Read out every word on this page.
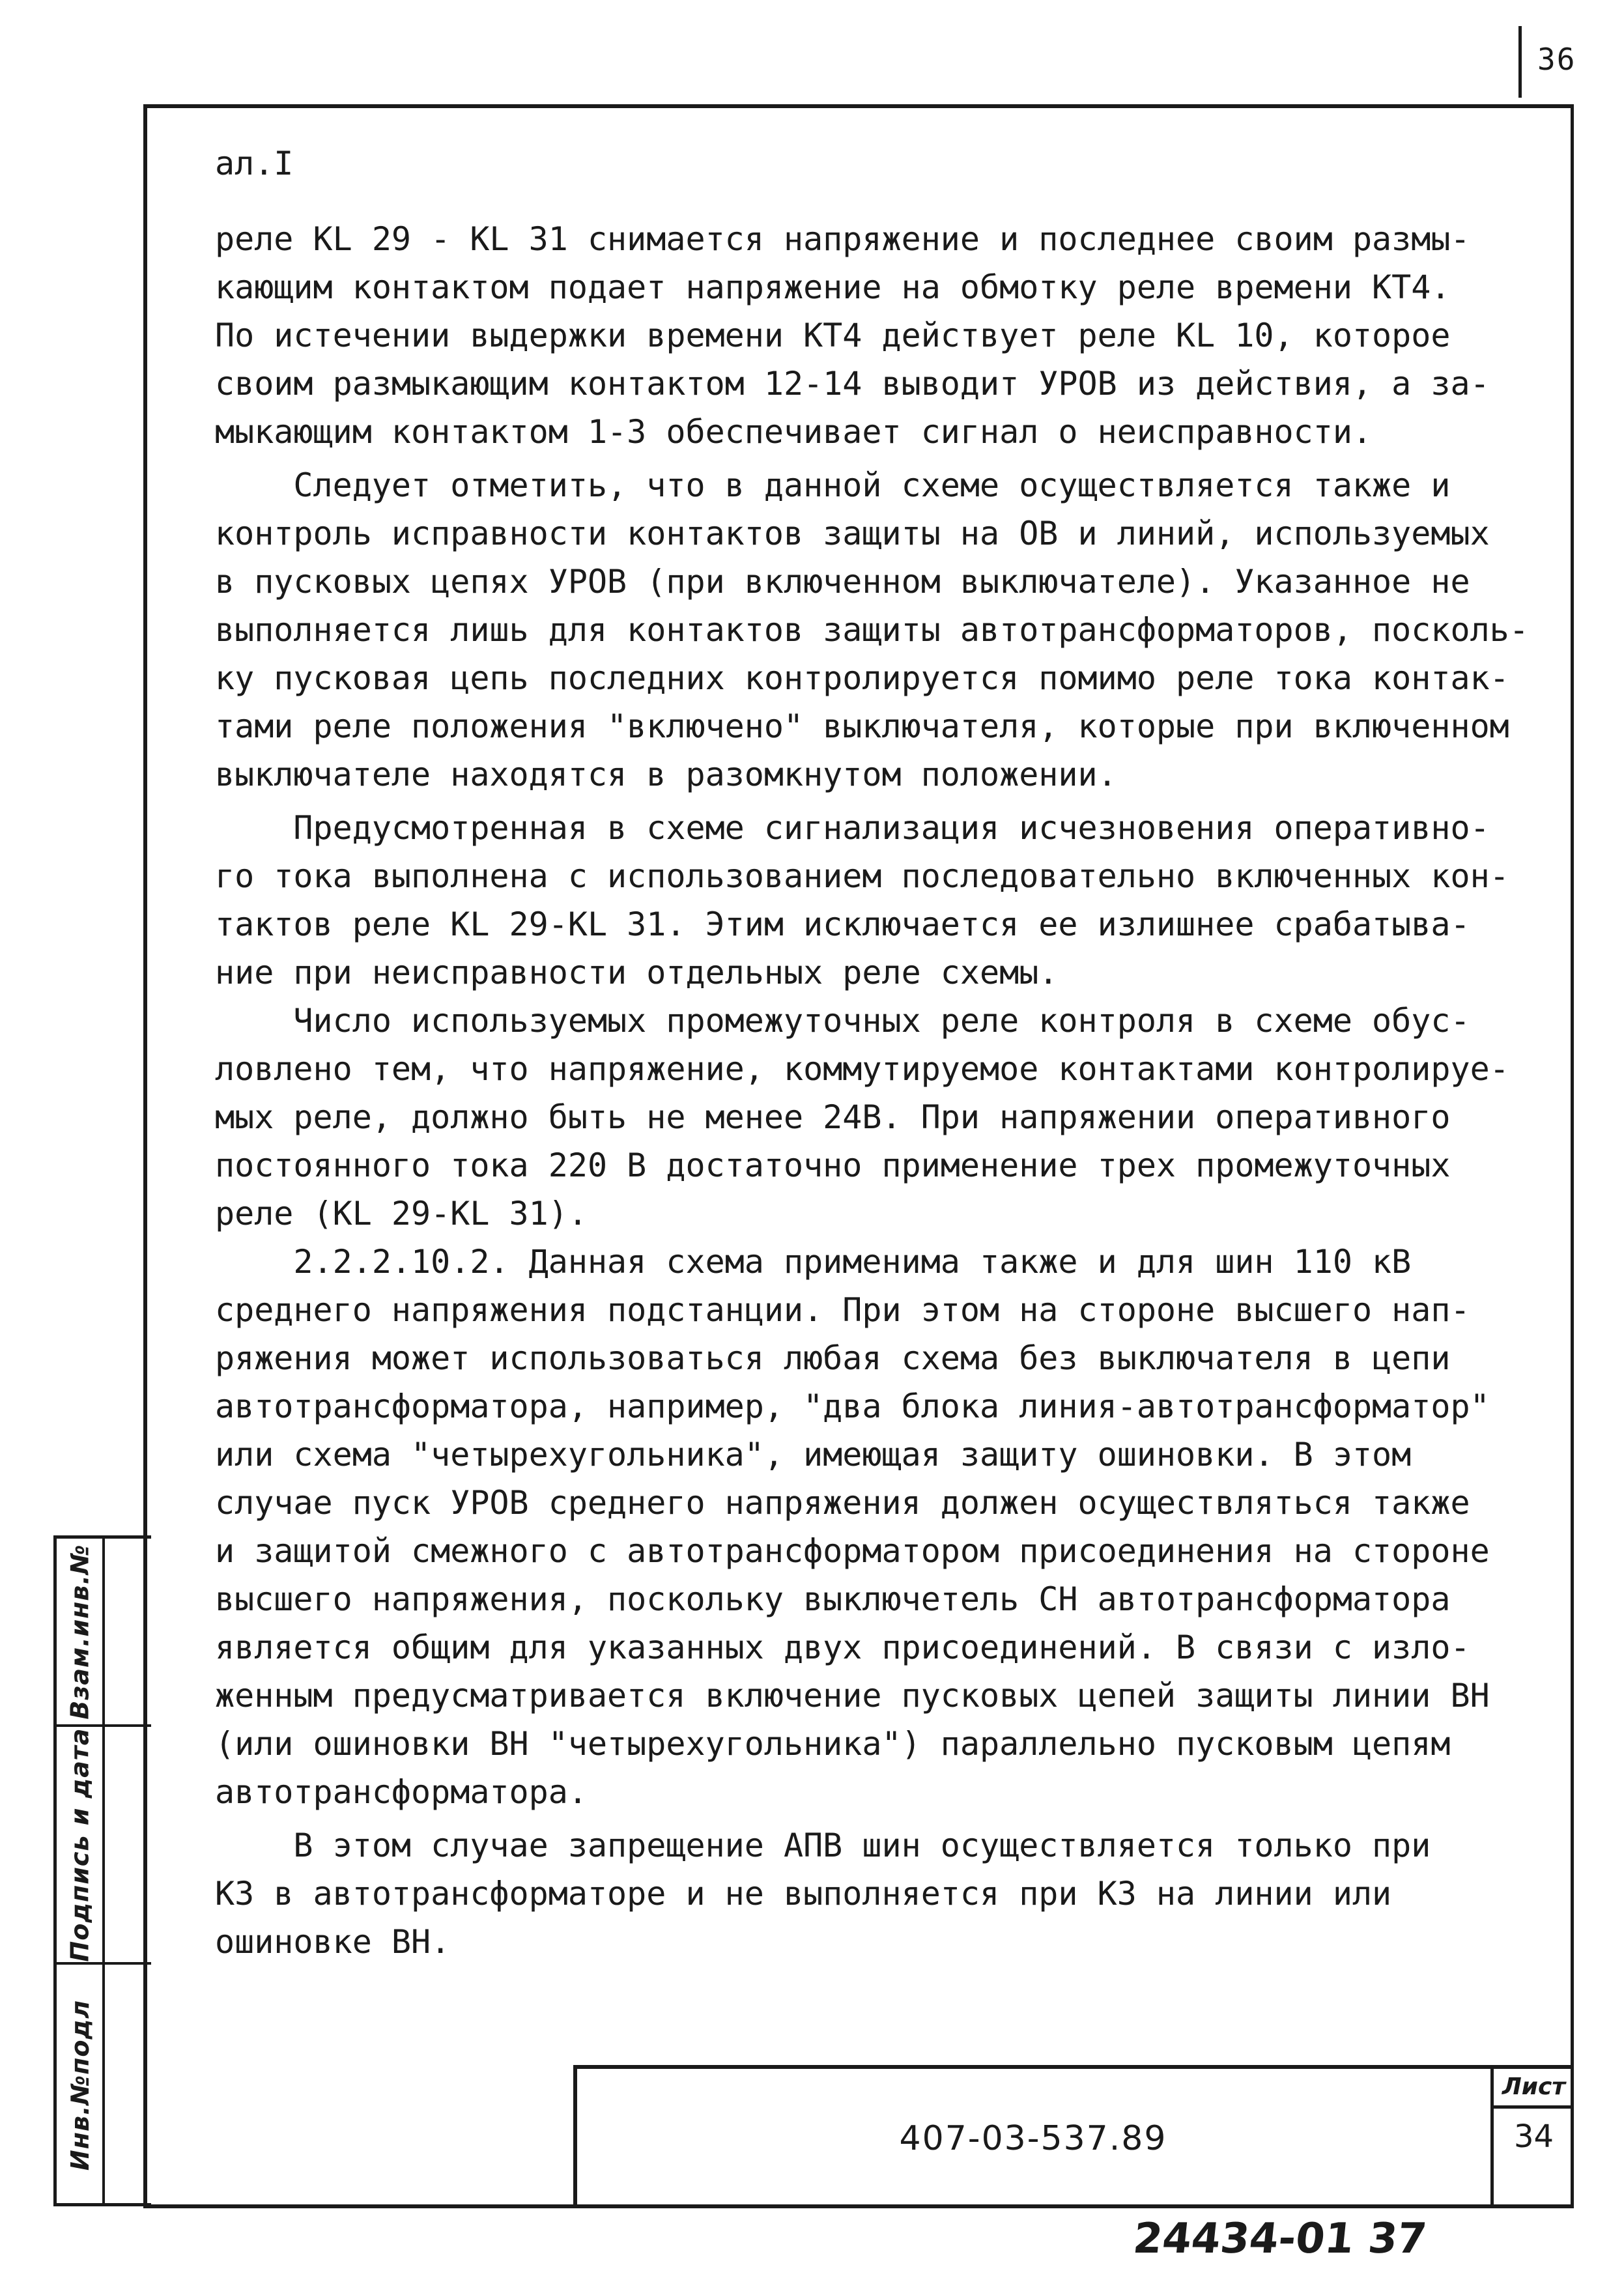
36
Взам.инв.№
Подпись и дата
Инв.№подл
ал.I
реле KL 29 - KL 31 снимается напряжение и последнее своим размы-
кающим контактом подает напряжение на обмотку реле времени КТ4.
По истечении выдержки времени КТ4 действует реле KL 10, которое
своим размыкающим контактом 12-14 выводит УРОВ из действия, а за-
мыкающим контактом 1-3 обеспечивает сигнал о неисправности.
Следует отметить, что в данной схеме осуществляется также и
контроль исправности контактов защиты на ОВ и линий, используемых
в пусковых цепях УРОВ (при включенном выключателе). Указанное не
выполняется лишь для контактов защиты автотрансформаторов, посколь-
ку пусковая цепь последних контролируется помимо реле тока контак-
тами реле положения "включено" выключателя, которые при включенном
выключателе находятся в разомкнутом положении.
Предусмотренная в схеме сигнализация исчезновения оперативно-
го тока выполнена с использованием последовательно включенных кон-
тактов реле KL 29-KL 31. Этим исключается ее излишнее срабатыва-
ние при неисправности отдельных реле схемы.
Число используемых промежуточных реле контроля в схеме обус-
ловлено тем, что напряжение, коммутируемое контактами контролируе-
мых реле, должно быть не менее 24В. При напряжении оперативного
постоянного тока 220 В достаточно применение трех промежуточных
реле (KL 29-KL 31).
2.2.2.10.2. Данная схема применима также и для шин 110 кВ
среднего напряжения подстанции. При этом на стороне высшего нап-
ряжения может использоваться любая схема без выключателя в цепи
автотрансформатора, например, "два блока линия-автотрансформатор"
или схема "четырехугольника", имеющая защиту ошиновки. В этом
случае пуск УРОВ среднего напряжения должен осуществляться также
и защитой смежного с автотрансформатором присоединения на стороне
высшего напряжения, поскольку выключетель СН автотрансформатора
является общим для указанных двух присоединений. В связи с изло-
женным предусматривается включение пусковых цепей защиты линии ВН
(или ошиновки ВН "четырехугольника") параллельно пусковым цепям
автотрансформатора.
В этом случае запрещение АПВ шин осуществляется только при
КЗ в автотрансформаторе и не выполняется при КЗ на линии или
ошиновке ВН.
407-03-537.89
Лист
34
24434-01 37
